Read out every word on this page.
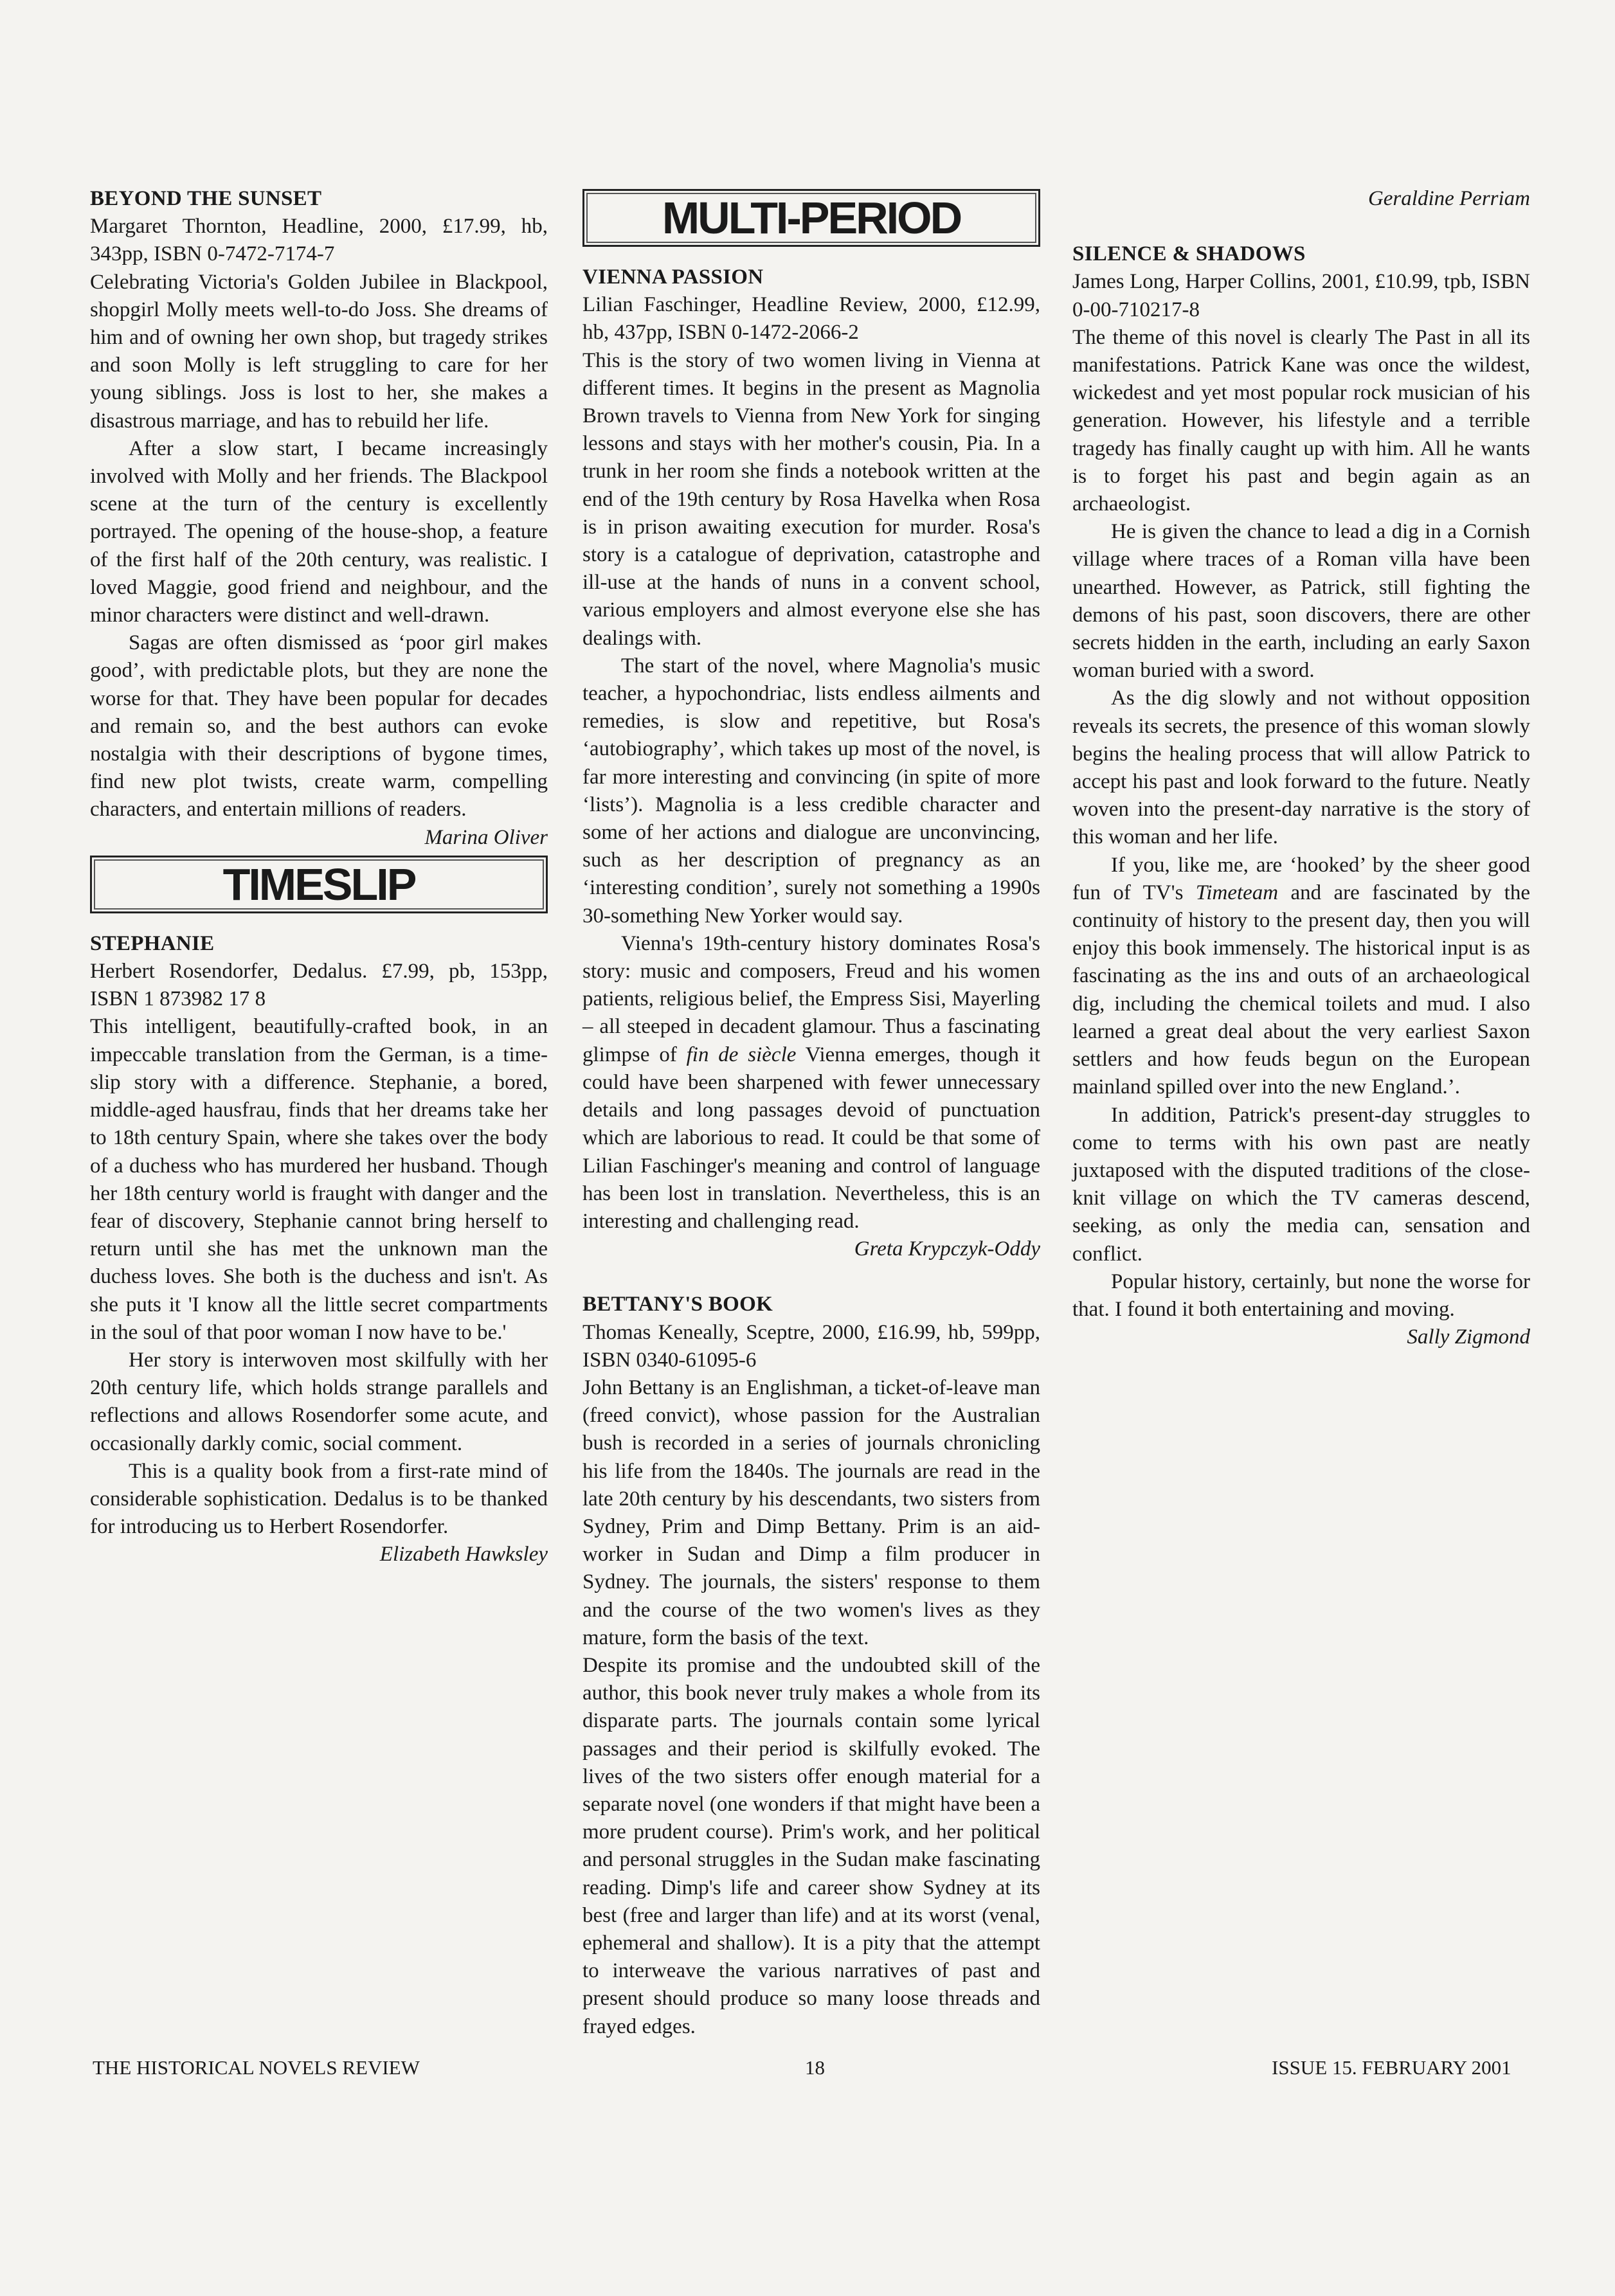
BEYOND THE SUNSET

Margaret Thornton, Headline, 2000, £17.99, hb, 343pp, ISBN 0-7472-7174-7

Celebrating Victoria's Golden Jubilee in Blackpool, shopgirl Molly meets well-to-do Joss. She dreams of him and of owning her own shop, but tragedy strikes and soon Molly is left struggling to care for her young siblings. Joss is lost to her, she makes a disastrous marriage, and has to rebuild her life.

After a slow start, I became increasingly involved with Molly and her friends. The Blackpool scene at the turn of the century is excellently portrayed. The opening of the house-shop, a feature of the first half of the 20th century, was realistic. I loved Maggie, good friend and neighbour, and the minor characters were distinct and well-drawn.

Sagas are often dismissed as ‘poor girl makes good’, with predictable plots, but they are none the worse for that. They have been popular for decades and remain so, and the best authors can evoke nostalgia with their descriptions of bygone times, find new plot twists, create warm, compelling characters, and entertain millions of readers.

Marina Oliver

TIMESLIP
STEPHANIE

Herbert Rosendorfer, Dedalus. £7.99, pb, 153pp, ISBN 1 873982 17 8

This intelligent, beautifully-crafted book, in an impeccable translation from the German, is a time-slip story with a difference. Stephanie, a bored, middle-aged hausfrau, finds that her dreams take her to 18th century Spain, where she takes over the body of a duchess who has murdered her husband. Though her 18th century world is fraught with danger and the fear of discovery, Stephanie cannot bring herself to return until she has met the unknown man the duchess loves. She both is the duchess and isn't. As she puts it 'I know all the little secret compartments in the soul of that poor woman I now have to be.'

Her story is interwoven most skilfully with her 20th century life, which holds strange parallels and reflections and allows Rosendorfer some acute, and occasionally darkly comic, social comment.

This is a quality book from a first-rate mind of considerable sophistication. Dedalus is to be thanked for introducing us to Herbert Rosendorfer.

Elizabeth Hawksley

MULTI-PERIOD
VIENNA PASSION

Lilian Faschinger, Headline Review, 2000, £12.99, hb, 437pp, ISBN 0-1472-2066-2

This is the story of two women living in Vienna at different times. It begins in the present as Magnolia Brown travels to Vienna from New York for singing lessons and stays with her mother's cousin, Pia. In a trunk in her room she finds a notebook written at the end of the 19th century by Rosa Havelka when Rosa is in prison awaiting execution for murder. Rosa's story is a catalogue of deprivation, catastrophe and ill-use at the hands of nuns in a convent school, various employers and almost everyone else she has dealings with.

The start of the novel, where Magnolia's music teacher, a hypochondriac, lists endless ailments and remedies, is slow and repetitive, but Rosa's ‘autobiography’, which takes up most of the novel, is far more interesting and convincing (in spite of more ‘lists’). Magnolia is a less credible character and some of her actions and dialogue are unconvincing, such as her description of pregnancy as an ‘interesting condition’, surely not something a 1990s 30-something New Yorker would say.

Vienna's 19th-century history dominates Rosa's story: music and composers, Freud and his women patients, religious belief, the Empress Sisi, Mayerling – all steeped in decadent glamour. Thus a fascinating glimpse of fin de siècle Vienna emerges, though it could have been sharpened with fewer unnecessary details and long passages devoid of punctuation which are laborious to read. It could be that some of Lilian Faschinger's meaning and control of language has been lost in translation. Nevertheless, this is an interesting and challenging read.

Greta Krypczyk-Oddy

BETTANY'S BOOK

Thomas Keneally, Sceptre, 2000, £16.99, hb, 599pp, ISBN 0340-61095-6

John Bettany is an Englishman, a ticket-of-leave man (freed convict), whose passion for the Australian bush is recorded in a series of journals chronicling his life from the 1840s. The journals are read in the late 20th century by his descendants, two sisters from Sydney, Prim and Dimp Bettany. Prim is an aid-worker in Sudan and Dimp a film producer in Sydney. The journals, the sisters' response to them and the course of the two women's lives as they mature, form the basis of the text.

Despite its promise and the undoubted skill of the author, this book never truly makes a whole from its disparate parts. The journals contain some lyrical passages and their period is skilfully evoked. The lives of the two sisters offer enough material for a separate novel (one wonders if that might have been a more prudent course). Prim's work, and her political and personal struggles in the Sudan make fascinating reading. Dimp's life and career show Sydney at its best (free and larger than life) and at its worst (venal, ephemeral and shallow). It is a pity that the attempt to interweave the various narratives of past and present should produce so many loose threads and frayed edges.

Geraldine Perriam

SILENCE & SHADOWS

James Long, Harper Collins, 2001, £10.99, tpb, ISBN 0-00-710217-8

The theme of this novel is clearly The Past in all its manifestations. Patrick Kane was once the wildest, wickedest and yet most popular rock musician of his generation. However, his lifestyle and a terrible tragedy has finally caught up with him. All he wants is to forget his past and begin again as an archaeologist.

He is given the chance to lead a dig in a Cornish village where traces of a Roman villa have been unearthed. However, as Patrick, still fighting the demons of his past, soon discovers, there are other secrets hidden in the earth, including an early Saxon woman buried with a sword.

As the dig slowly and not without opposition reveals its secrets, the presence of this woman slowly begins the healing process that will allow Patrick to accept his past and look forward to the future. Neatly woven into the present-day narrative is the story of this woman and her life.

If you, like me, are ‘hooked’ by the sheer good fun of TV's Timeteam and are fascinated by the continuity of history to the present day, then you will enjoy this book immensely. The historical input is as fascinating as the ins and outs of an archaeological dig, including the chemical toilets and mud. I also learned a great deal about the very earliest Saxon settlers and how feuds begun on the European mainland spilled over into the new England.’.

In addition, Patrick's present-day struggles to come to terms with his own past are neatly juxtaposed with the disputed traditions of the close-knit village on which the TV cameras descend, seeking, as only the media can, sensation and conflict.

Popular history, certainly, but none the worse for that. I found it both entertaining and moving.

Sally Zigmond

THE HISTORICAL NOVELS REVIEW	18	ISSUE 15. FEBRUARY 2001
